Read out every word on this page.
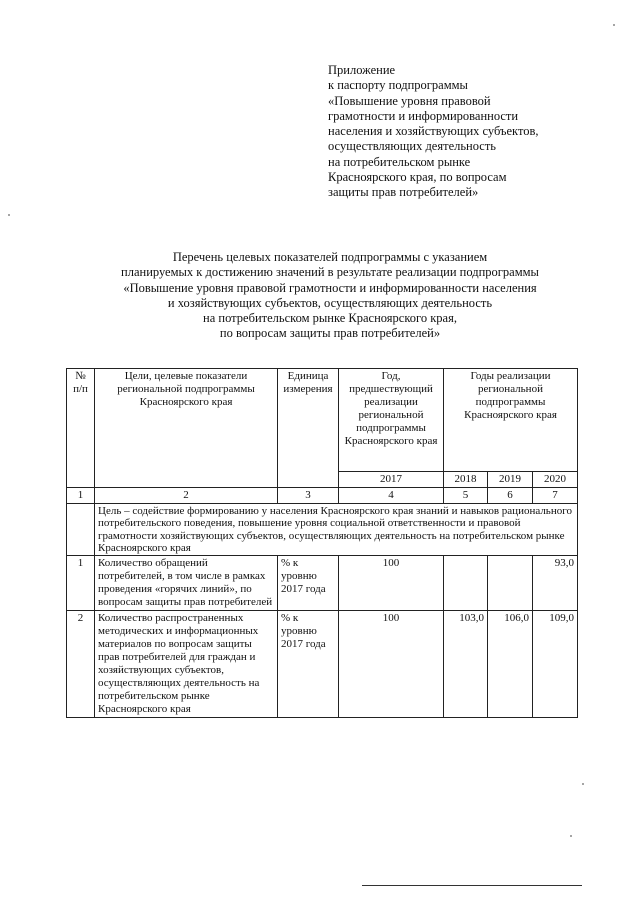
Приложение
к паспорту подпрограммы
«Повышение уровня правовой
грамотности и информированности
населения и хозяйствующих субъектов,
осуществляющих деятельность
на потребительском рынке
Красноярского края, по вопросам
защиты прав потребителей»
Перечень целевых показателей подпрограммы с указанием
планируемых к достижению значений в результате реализации подпрограммы
«Повышение уровня правовой грамотности и информированности населения
и хозяйствующих субъектов, осуществляющих деятельность
на потребительском рынке Красноярского края,
по вопросам защиты прав потребителей»
№ п/п	Цели, целевые показатели региональной подпрограммы Красноярского края	Единица измерения	Год, предшествующий реализации региональной подпрограммы Красноярского края	Годы реализации региональной подпрограммы Красноярского края		
			2017	2018	2019	2020
1	2	3	4	5	6	7
	Цель – содействие формированию у населения Красноярского края знаний и навыков рационального потребительского поведения, повышение уровня социальной ответственности и правовой грамотности хозяйствующих субъектов, осуществляющих деятельность на потребительском рынке Красноярского края					
1	Количество обращений потребителей, в том числе в рамках проведения «горячих линий», по вопросам защиты прав потребителей	% к уровню 2017 года	100			93,0
2	Количество распространенных методических и информационных материалов по вопросам защиты прав потребителей для граждан и хозяйствующих субъектов, осуществляющих деятельность на потребительском рынке Красноярского края	% к уровню 2017 года	100	103,0	106,0	109,0
